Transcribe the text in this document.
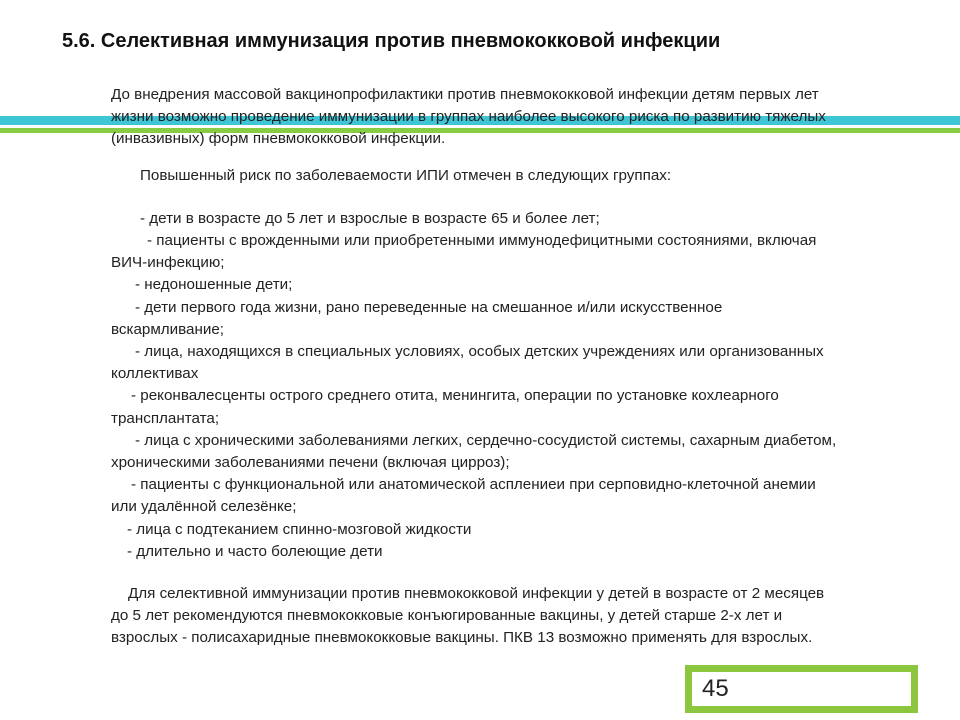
5.6. Селективная иммунизация против пневмококковой инфекции
До внедрения массовой вакцинопрофилактики против пневмококковой инфекции детям первых лет
жизни возможно проведение иммунизации в группах наиболее высокого риска по развитию тяжелых
(инвазивных) форм пневмококковой инфекции.
Повышенный риск по заболеваемости ИПИ отмечен в следующих группах:
- дети в возрасте до 5 лет и взрослые в возрасте 65 и более лет;
- пациенты с врожденными или приобретенными иммунодефицитными состояниями, включая
ВИЧ-инфекцию;
- недоношенные дети;
- дети первого года жизни, рано переведенные на смешанное и/или искусственное
вскармливание;
- лица, находящихся в специальных условиях, особых детских учреждениях или организованных
коллективах
- реконвалесценты острого среднего отита, менингита, операции по установке кохлеарного
трансплантата;
- лица с хроническими заболеваниями легких, сердечно-сосудистой системы, сахарным диабетом,
хроническими заболеваниями печени (включая цирроз);
- пациенты с функциональной или анатомической асплениеи при серповидно-клеточной анемии
или удалённой селезёнке;
- лица с подтеканием спинно-мозговой жидкости
- длительно и часто болеющие дети
Для селективной иммунизации против пневмококковой инфекции у детей в возрасте от 2 месяцев
до 5 лет рекомендуются пневмококковые конъюгированные вакцины, у детей старше 2-х лет и
взрослых - полисахаридные пневмококковые вакцины. ПКВ 13 возможно применять для взрослых.
45
